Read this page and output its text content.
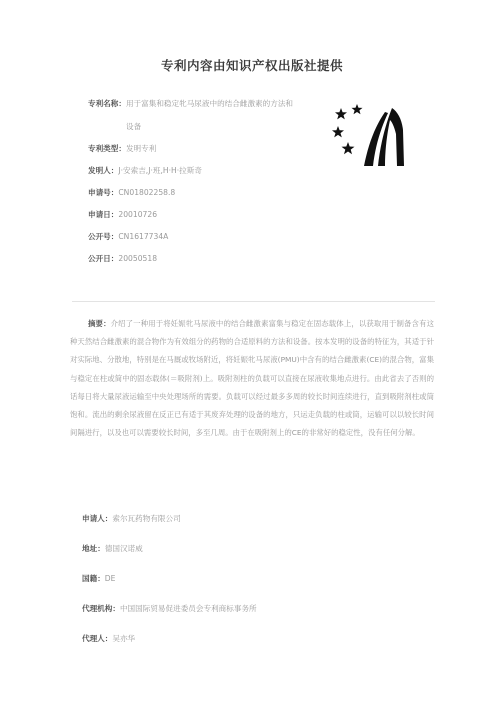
专利内容由知识产权出版社提供
专利名称：用于富集和稳定牝马尿液中的结合雌激素的方法和
设备
专利类型：发明专利
发明人：J·安索吉,J·班,H·H·拉斯奇
申请号：CN01802258.8
申请日：20010726
公开号：CN1617734A
公开日：20050518
摘要：介绍了一种用于将妊娠牝马尿液中的结合雌激素富集与稳定在固态载体上，以获取用于制备含有这种天然结合雌激素的混合物作为有效组分的药物的合适原料的方法和设备。按本发明的设备的特征为，其适于针对实际地、分散地，特别是在马厩或牧场附近，将妊娠牝马尿液(PMU)中含有的结合雌激素(CE)的混合物，富集与稳定在柱或简中的固态载体(＝吸附剂)上。吸附剂柱的负载可以直接在尿液收集地点进行。由此省去了否则的话每日将大量尿液运输至中央处理场所的需要。负载可以经过最多多周的较长时间连续进行，直到吸附剂柱或筒饱和。流出的剩余尿液留在反正已有适于其废弃处理的设备的地方，只运走负载的柱或筒，运输可以以较长时间间隔进行，以及也可以需要较长时间，多至几周。由于在吸附剂上的CE的非常好的稳定性，没有任何分解。
申请人：索尔瓦药物有限公司
地址：德国汉诺威
国籍：DE
代理机构：中国国际贸易促进委员会专利商标事务所
代理人：吴亦华
